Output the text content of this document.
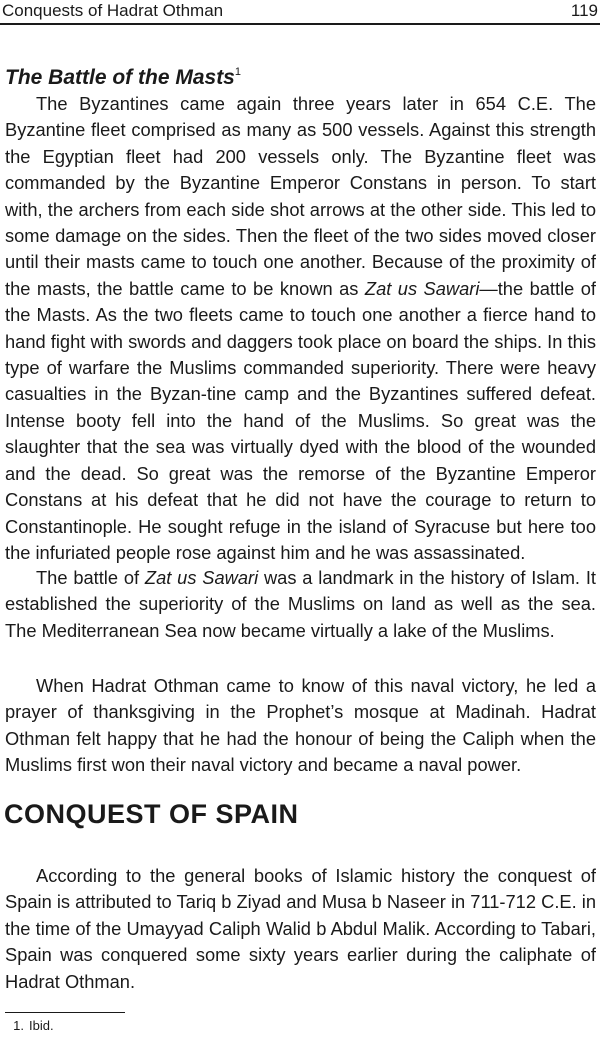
Conquests of Hadrat Othman	119
The Battle of the Masts$^1$

The Byzantines came again three years later in 654 C.E. The Byzantine fleet comprised as many as 500 vessels. Against this strength the Egyptian fleet had 200 vessels only. The Byzantine fleet was commanded by the Byzantine Emperor Constans in person. To start with, the archers from each side shot arrows at the other side. This led to some damage on the sides. Then the fleet of the two sides moved closer until their masts came to touch one another. Because of the proximity of the masts, the battle came to be known as Zat us Sawari—the battle of the Masts. As the two fleets came to touch one another a fierce hand to hand fight with swords and daggers took place on board the ships. In this type of warfare the Muslims commanded superiority. There were heavy casualties in the Byzan-tine camp and the Byzantines suffered defeat. Intense booty fell into the hand of the Muslims. So great was the slaughter that the sea was virtually dyed with the blood of the wounded and the dead. So great was the remorse of the Byzantine Emperor Constans at his defeat that he did not have the courage to return to Constantinople. He sought refuge in the island of Syracuse but here too the infuriated people rose against him and he was assassinated.

The battle of Zat us Sawari was a landmark in the history of Islam. It established the superiority of the Muslims on land as well as the sea. The Mediterranean Sea now became virtually a lake of the Muslims.

When Hadrat Othman came to know of this naval victory, he led a prayer of thanksgiving in the Prophet’s mosque at Madinah. Hadrat Othman felt happy that he had the honour of being the Caliph when the Muslims first won their naval victory and became a naval power.

CONQUEST OF SPAIN

According to the general books of Islamic history the conquest of Spain is attributed to Tariq b Ziyad and Musa b Naseer in 711-712 C.E. in the time of the Umayyad Caliph Walid b Abdul Malik. According to Tabari, Spain was conquered some sixty years earlier during the caliphate of Hadrat Othman.

1. Ibid.
